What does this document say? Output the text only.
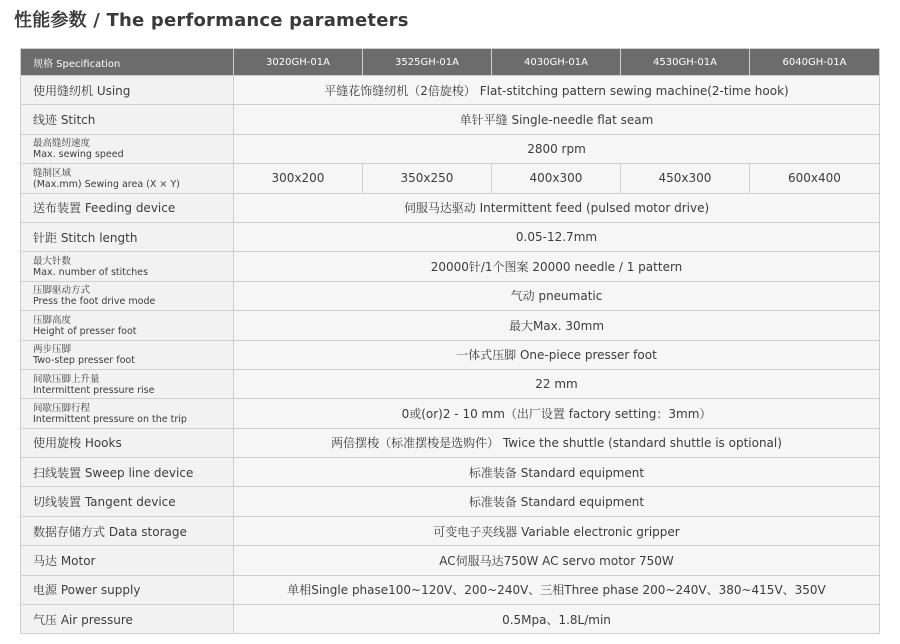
性能参数 / The performance parameters
规格 Specification	3020GH-01A	3525GH-01A	4030GH-01A	4530GH-01A	6040GH-01A
使用缝纫机 Using	平缝花饰缝纫机（2倍旋梭） Flat-stitching pattern sewing machine(2-time hook)				
线迹 Stitch	单针平缝 Single-needle flat seam				

最高缝纫速度
Max. sewing speed	2800 rpm				

缝制区域
(Max.mm) Sewing area (X × Y)	300x200	350x250	400x300	450x300	600x400
送布装置 Feeding device	伺服马达驱动 Intermittent feed (pulsed motor drive)				
针距 Stitch length	0.05-12.7mm				

最大针数
Max. number of stitches	20000针/1个图案 20000 needle / 1 pattern				

压脚驱动方式
Press the foot drive mode	气动 pneumatic				

压脚高度
Height of presser foot	最大Max. 30mm				

两步压脚
Two-step presser foot	一体式压脚 One-piece presser foot				

间歇压脚上升量
Intermittent pressure rise	22 mm				

间歇压脚行程
Intermittent pressure on the trip	0或(or)2 - 10 mm（出厂设置 factory setting：3mm）				
使用旋梭 Hooks	两倍摆梭（标准摆梭是选购件） Twice the shuttle (standard shuttle is optional)				
扫线装置 Sweep line device	标准装备 Standard equipment				
切线装置 Tangent device	标准装备 Standard equipment				
数据存储方式 Data storage	可变电子夹线器 Variable electronic gripper				
马达 Motor	AC伺服马达750W AC servo motor 750W				
电源 Power supply	单相Single phase100~120V、200~240V、三相Three phase 200~240V、380~415V、350V				
气压 Air pressure	0.5Mpa、1.8L/min				
